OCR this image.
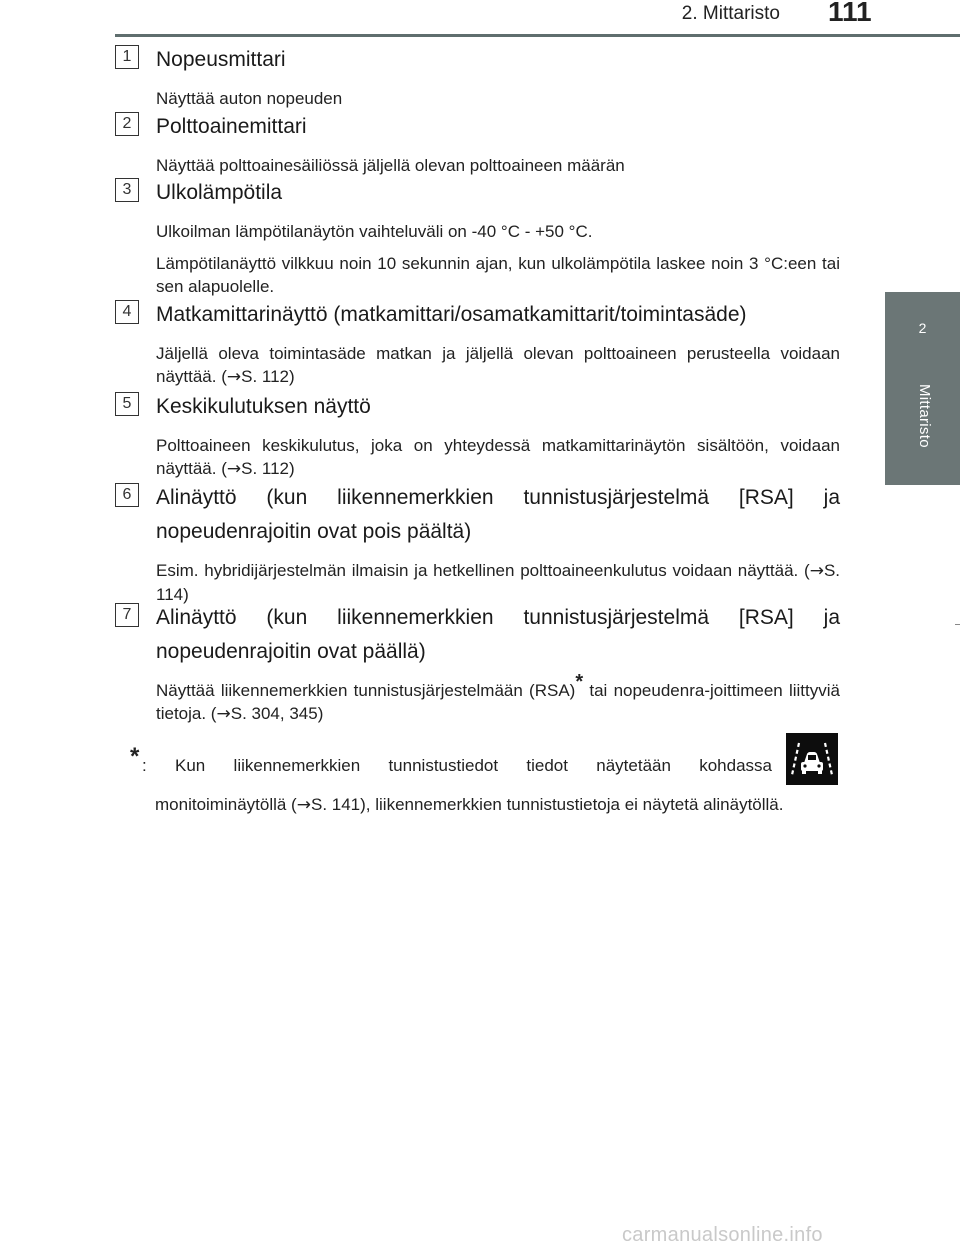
2. Mittaristo 111
2
Mittaristo
1	Nopeusmittari
Näyttää auton nopeuden
2	Polttoainemittari
Näyttää polttoainesäiliössä jäljellä olevan polttoaineen määrän
3	Ulkolämpötila
Ulkoilman lämpötilanäytön vaihteluväli on -40 °C - +50 °C.
Lämpötilanäyttö vilkkuu noin 10 sekunnin ajan, kun ulkolämpötila laskee noin 3 °C:een tai sen alapuolelle.
4	Matkamittarinäyttö (matkamittari/osamatkamittarit/toimintasäde)
Jäljellä oleva toimintasäde matkan ja jäljellä olevan polttoaineen perusteella voidaan näyttää. (→S. 112)
5	Keskikulutuksen näyttö
Polttoaineen keskikulutus, joka on yhteydessä matkamittarinäytön sisältöön, voidaan näyttää. (→S. 112)
6	Alinäyttö (kun liikennemerkkien tunnistusjärjestelmä [RSA] ja nopeudenrajoitin ovat pois päältä)
Esim. hybridijärjestelmän ilmaisin ja hetkellinen polttoaineenkulutus voidaan näyttää. (→S. 114)
7	Alinäyttö (kun liikennemerkkien tunnistusjärjestelmä [RSA] ja nopeudenrajoitin ovat päällä)
Näyttää liikennemerkkien tunnistusjärjestelmään (RSA)* tai nopeudenra-joittimeen liittyviä tietoja. (→S. 304, 345)
* : Kun liikennemerkkien tunnistustiedot tiedot näytetään kohdassa
monitoiminäytöllä (→S. 141), liikennemerkkien tunnistustietoja ei näytetä alinäytöllä.
carmanualsonline.info
